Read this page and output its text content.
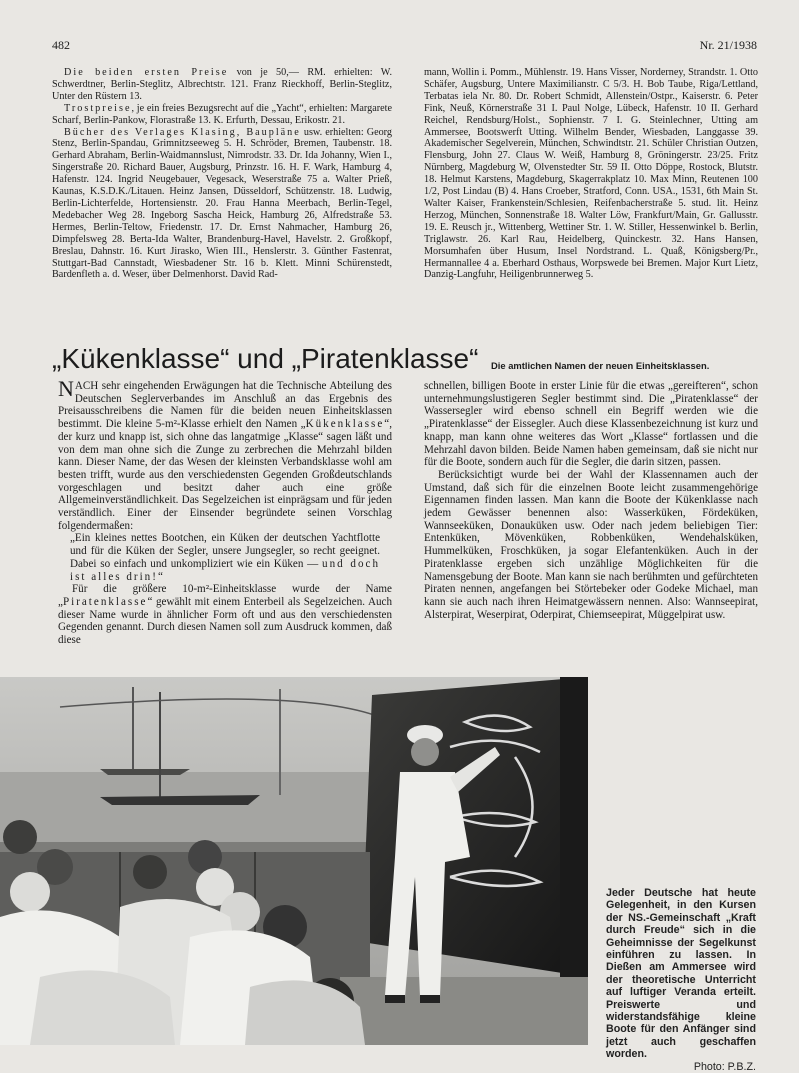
482	Nr. 21/1938

Die beiden ersten Preise von je 50,— RM. erhielten: W. Schwerdtner, Berlin-Steglitz, Albrechtstr. 121. Franz Rieckhoff, Berlin-Steglitz, Unter den Rüstern 13.

Trostpreise, je ein freies Bezugsrecht auf die „Yacht“, erhielten: Margarete Scharf, Berlin-Pankow, Florastraße 13. K. Erfurth, Dessau, Erikostr. 21.

Bücher des Verlages Klasing, Baupläne usw. erhielten: Georg Stenz, Berlin-Spandau, Grimnitzseeweg 5. H. Schröder, Bremen, Taubenstr. 18. Gerhard Abraham, Berlin-Waidmannslust, Nimrodstr. 33. Dr. Ida Johanny, Wien I., Singerstraße 20. Richard Bauer, Augsburg, Prinzstr. 16. H. F. Wark, Hamburg 4, Hafenstr. 124. Ingrid Neugebauer, Vegesack, Weserstraße 75 a. Walter Prieß, Kaunas, K.S.D.K./Litauen. Heinz Jansen, Düsseldorf, Schützenstr. 18. Ludwig, Berlin-Lichterfelde, Hortensienstr. 20. Frau Hanna Meerbach, Berlin-Tegel, Medebacher Weg 28. Ingeborg Sascha Heick, Hamburg 26, Alfredstraße 53. Hermes, Berlin-Teltow, Friedenstr. 17. Dr. Ernst Nahmacher, Hamburg 26, Dimpfelsweg 28. Berta-Ida Walter, Brandenburg-Havel, Havelstr. 2. Großkopf, Breslau, Dahnstr. 16. Kurt Jirasko, Wien III., Henslerstr. 3. Günther Fastenrat, Stuttgart-Bad Cannstadt, Wiesbadener Str. 16 b. Klett. Minni Schürenstedt, Bardenfleth a. d. Weser, über Delmenhorst. David Rad-

mann, Wollin i. Pomm., Mühlenstr. 19. Hans Visser, Norderney, Strandstr. 1. Otto Schäfer, Augsburg, Untere Maximilianstr. C 5/3. H. Bob Taube, Riga/Lettland, Terbatas iela Nr. 80. Dr. Robert Schmidt, Allenstein/Ostpr., Kaiserstr. 6. Peter Fink, Neuß, Körnerstraße 31 I. Paul Nolge, Lübeck, Hafenstr. 10 II. Gerhard Reichel, Rendsburg/Holst., Sophienstr. 7 I. G. Steinlechner, Utting am Ammersee, Bootswerft Utting. Wilhelm Bender, Wiesbaden, Langgasse 39. Akademischer Segelverein, München, Schwindtstr. 21. Schüler Christian Outzen, Flensburg, John 27. Claus W. Weiß, Hamburg 8, Gröningerstr. 23/25. Fritz Nürnberg, Magdeburg W, Olvenstedter Str. 59 II. Otto Döppe, Rostock, Blutstr. 18. Helmut Karstens, Magdeburg, Skagerrakplatz 10. Max Minn, Reutenen 100 1/2, Post Lindau (B) 4. Hans Croeber, Stratford, Conn. USA., 1531, 6th Main St. Walter Kaiser, Frankenstein/Schlesien, Reifenbacherstraße 5. stud. lit. Heinz Herzog, München, Sonnenstraße 18. Walter Löw, Frankfurt/Main, Gr. Gallusstr. 19. E. Reusch jr., Wittenberg, Wettiner Str. 1. W. Stiller, Hessenwinkel b. Berlin, Triglawstr. 26. Karl Rau, Heidelberg, Quinckestr. 32. Hans Hansen, Morsumhafen über Husum, Insel Nordstrand. L. Quaß, Königsberg/Pr., Hermannallee 4 a. Eberhard Osthaus, Worpswede bei Bremen. Major Kurt Lietz, Danzig-Langfuhr, Heiligenbrunnerweg 5.
„Kükenklasse“ und „Piratenklasse“ Die amtlichen Namen der neuen Einheitsklassen.

NACH sehr eingehenden Erwägungen hat die Technische Abteilung des Deutschen Seglerverbandes im Anschluß an das Ergebnis des Preisausschreibens die Namen für die beiden neuen Einheitsklassen bestimmt. Die kleine 5-m²-Klasse erhielt den Namen „Kükenklasse“, der kurz und knapp ist, sich ohne das langatmige „Klasse“ sagen läßt und von dem man ohne sich die Zunge zu zerbrechen die Mehrzahl bilden kann. Dieser Name, der das Wesen der kleinsten Verbandsklasse wohl am besten trifft, wurde aus den verschiedensten Gegenden Großdeutschlands vorgeschlagen und besitzt daher auch eine größe Allgemeinverständlichkeit. Das Segelzeichen ist einprägsam und für jeden verständlich. Einer der Einsender begründete seinen Vorschlag folgendermaßen:

„Ein kleines nettes Bootchen, ein Küken der deutschen Yachtflotte und für die Küken der Segler, unsere Jungsegler, so recht geeignet. Dabei so einfach und unkompliziert wie ein Küken — und doch ist alles drin!“

Für die größere 10-m²-Einheitsklasse wurde der Name „Piratenklasse“ gewählt mit einem Enterbeil als Segelzeichen. Auch dieser Name wurde in ähnlicher Form oft und aus den verschiedensten Gegenden genannt. Durch diesen Namen soll zum Ausdruck kommen, daß diese

schnellen, billigen Boote in erster Linie für die etwas „gereifteren“, schon unternehmungslustigeren Segler bestimmt sind. Die „Piratenklasse“ der Wassersegler wird ebenso schnell ein Begriff werden wie die „Piratenklasse“ der Eissegler. Auch diese Klassenbezeichnung ist kurz und knapp, man kann ohne weiteres das Wort „Klasse“ fortlassen und die Mehrzahl davon bilden. Beide Namen haben gemeinsam, daß sie nicht nur für die Boote, sondern auch für die Segler, die darin sitzen, passen.

Berücksichtigt wurde bei der Wahl der Klassennamen auch der Umstand, daß sich für die einzelnen Boote leicht zusammengehörige Eigennamen finden lassen. Man kann die Boote der Kükenklasse nach jedem Gewässer benennen also: Wasserküken, Fördeküken, Wannseeküken, Donauküken usw. Oder nach jedem beliebigen Tier: Entenküken, Mövenküken, Robbenküken, Wendehalsküken, Hummelküken, Froschküken, ja sogar Elefantenküken. Auch in der Piratenklasse ergeben sich unzählige Möglichkeiten für die Namensgebung der Boote. Man kann sie nach berühmten und gefürchteten Piraten nennen, angefangen bei Störtebeker oder Godeke Michael, man kann sie auch nach ihren Heimatgewässern nennen. Also: Wannseepirat, Alsterpirat, Weserpirat, Oderpirat, Chiemseepirat, Müggelpirat usw.

Jeder Deutsche hat heute Gelegenheit, in den Kursen der NS.-Gemeinschaft „Kraft durch Freude“ sich in die Geheimnisse der Segelkunst einführen zu lassen. In Dießen am Ammersee wird der theoretische Unterricht auf luftiger Veranda erteilt. Preiswerte und widerstandsfähige kleine Boote für den Anfänger sind jetzt auch geschaffen worden.
Photo: P.B.Z.
